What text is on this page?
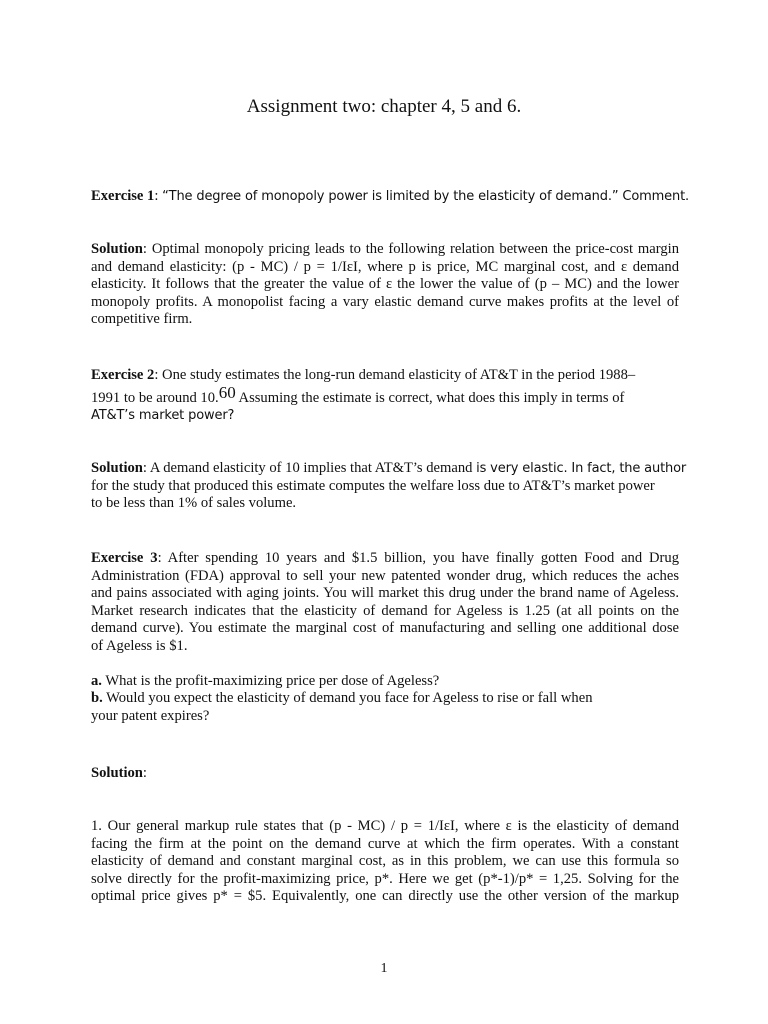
Assignment two: chapter 4, 5 and 6.
Exercise 1: “The degree of monopoly power is limited by the elasticity of demand.” Comment.
Solution: Optimal monopoly pricing leads to the following relation between the price-cost margin
and demand elasticity: (p - MC) / p = 1/IεI, where p is price, MC marginal cost, and ε demand
elasticity. It follows that the greater the value of ε the lower the value of (p – MC) and the lower
monopoly profits. A monopolist facing a vary elastic demand curve makes profits at the level of
competitive firm.
Exercise 2: One study estimates the long-run demand elasticity of AT&T in the period 1988–
1991 to be around 10.60 Assuming the estimate is correct, what does this imply in terms of
AT&T’s market power?
Solution: A demand elasticity of 10 implies that AT&T’s demand is very elastic. In fact, the author
for the study that produced this estimate computes the welfare loss due to AT&T’s market power
to be less than 1% of sales volume.
Exercise 3: After spending 10 years and $1.5 billion, you have finally gotten Food and Drug
Administration (FDA) approval to sell your new patented wonder drug, which reduces the aches
and pains associated with aging joints. You will market this drug under the brand name of Ageless.
Market research indicates that the elasticity of demand for Ageless is 1.25 (at all points on the
demand curve). You estimate the marginal cost of manufacturing and selling one additional dose
of Ageless is $1.
a. What is the profit-maximizing price per dose of Ageless?
b. Would you expect the elasticity of demand you face for Ageless to rise or fall when
your patent expires?
Solution:
1. Our general markup rule states that (p - MC) / p = 1/IεI, where ε is the elasticity of demand
facing the firm at the point on the demand curve at which the firm operates. With a constant
elasticity of demand and constant marginal cost, as in this problem, we can use this formula so
solve directly for the profit-maximizing price, p*. Here we get (p*-1)/p* = 1,25. Solving for the
optimal price gives p* = $5. Equivalently, one can directly use the other version of the markup
1
